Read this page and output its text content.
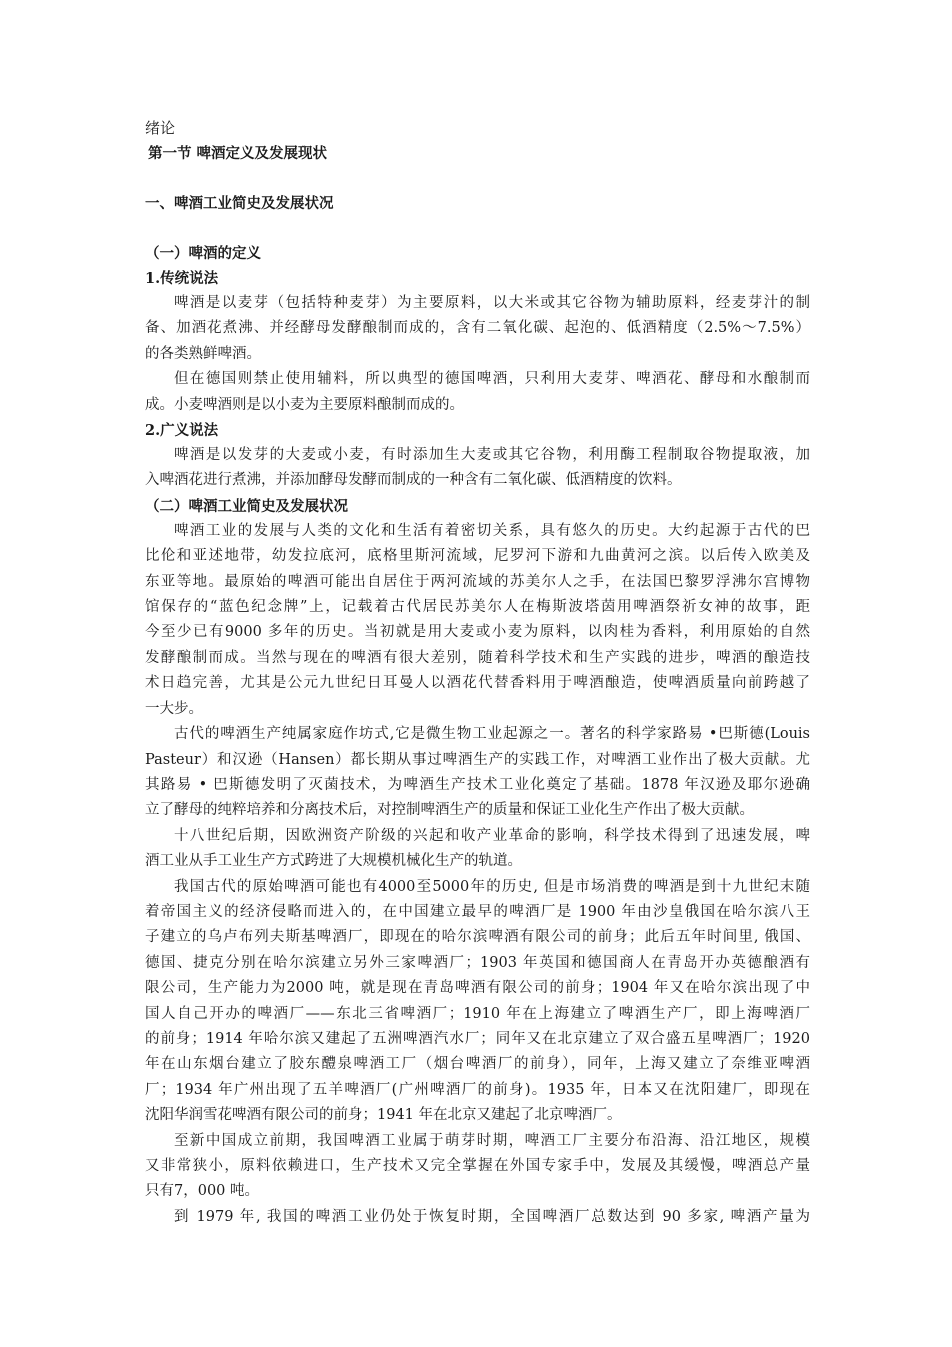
绪论
第一节 啤酒定义及发展现状
一、啤酒工业简史及发展状况
（一）啤酒的定义
1.传统说法
啤酒是以麦芽（包括特种麦芽）为主要原料，以大米或其它谷物为辅助原料，经麦芽汁的制
备、加酒花煮沸、并经酵母发酵酿制而成的，含有二氧化碳、起泡的、低酒精度（2.5%～7.5%）
的各类熟鲜啤酒。
但在德国则禁止使用辅料，所以典型的德国啤酒，只利用大麦芽、啤酒花、酵母和水酿制而
成。小麦啤酒则是以小麦为主要原料酿制而成的。
2.广义说法
啤酒是以发芽的大麦或小麦，有时添加生大麦或其它谷物，利用酶工程制取谷物提取液，加
入啤酒花进行煮沸，并添加酵母发酵而制成的一种含有二氧化碳、低酒精度的饮料。
（二）啤酒工业简史及发展状况
啤酒工业的发展与人类的文化和生活有着密切关系，具有悠久的历史。大约起源于古代的巴
比伦和亚述地带，幼发拉底河，底格里斯河流域，尼罗河下游和九曲黄河之滨。以后传入欧美及
东亚等地。最原始的啤酒可能出自居住于两河流域的苏美尔人之手，在法国巴黎罗浮沸尔宫博物
馆保存的“蓝色纪念牌”上，记载着古代居民苏美尔人在梅斯波塔茵用啤酒祭祈女神的故事，距
今至少已有9000 多年的历史。当初就是用大麦或小麦为原料，以肉桂为香料，利用原始的自然
发酵酿制而成。当然与现在的啤酒有很大差别，随着科学技术和生产实践的进步，啤酒的酿造技
术日趋完善，尤其是公元九世纪日耳曼人以酒花代替香料用于啤酒酿造，使啤酒质量向前跨越了
一大步。
古代的啤酒生产纯属家庭作坊式,它是微生物工业起源之一。著名的科学家路易 •巴斯德(Louis
Pasteur）和汉逊（Hansen）都长期从事过啤酒生产的实践工作，对啤酒工业作出了极大贡献。尤
其路易 • 巴斯德发明了灭菌技术，为啤酒生产技术工业化奠定了基础。1878 年汉逊及耶尔逊确
立了酵母的纯粹培养和分离技术后，对控制啤酒生产的质量和保证工业化生产作出了极大贡献。
十八世纪后期，因欧洲资产阶级的兴起和收产业革命的影响，科学技术得到了迅速发展，啤
酒工业从手工业生产方式跨进了大规模机械化生产的轨道。
我国古代的原始啤酒可能也有4000至5000年的历史, 但是市场消费的啤酒是到十九世纪末随
着帝国主义的经济侵略而进入的，在中国建立最早的啤酒厂是 1900 年由沙皇俄国在哈尔滨八王
子建立的乌卢布列夫斯基啤酒厂，即现在的哈尔滨啤酒有限公司的前身；此后五年时间里, 俄国、
德国、捷克分别在哈尔滨建立另外三家啤酒厂；1903 年英国和德国商人在青岛开办英德酿酒有
限公司，生产能力为2000 吨，就是现在青岛啤酒有限公司的前身；1904 年又在哈尔滨出现了中
国人自己开办的啤酒厂——东北三省啤酒厂；1910 年在上海建立了啤酒生产厂，即上海啤酒厂
的前身；1914 年哈尔滨又建起了五洲啤酒汽水厂；同年又在北京建立了双合盛五星啤酒厂；1920
年在山东烟台建立了胶东醴泉啤酒工厂（烟台啤酒厂的前身），同年，上海又建立了奈维亚啤酒
厂；1934 年广州出现了五羊啤酒厂(广州啤酒厂的前身)。1935 年，日本又在沈阳建厂，即现在
沈阳华润雪花啤酒有限公司的前身；1941 年在北京又建起了北京啤酒厂。
至新中国成立前期，我国啤酒工业属于萌芽时期，啤酒工厂主要分布沿海、沿江地区，规模
又非常狭小，原料依赖进口，生产技术又完全掌握在外国专家手中，发展及其缓慢，啤酒总产量
只有7，000 吨。
到 1979 年, 我国的啤酒工业仍处于恢复时期，全国啤酒厂总数达到 90 多家, 啤酒产量为
